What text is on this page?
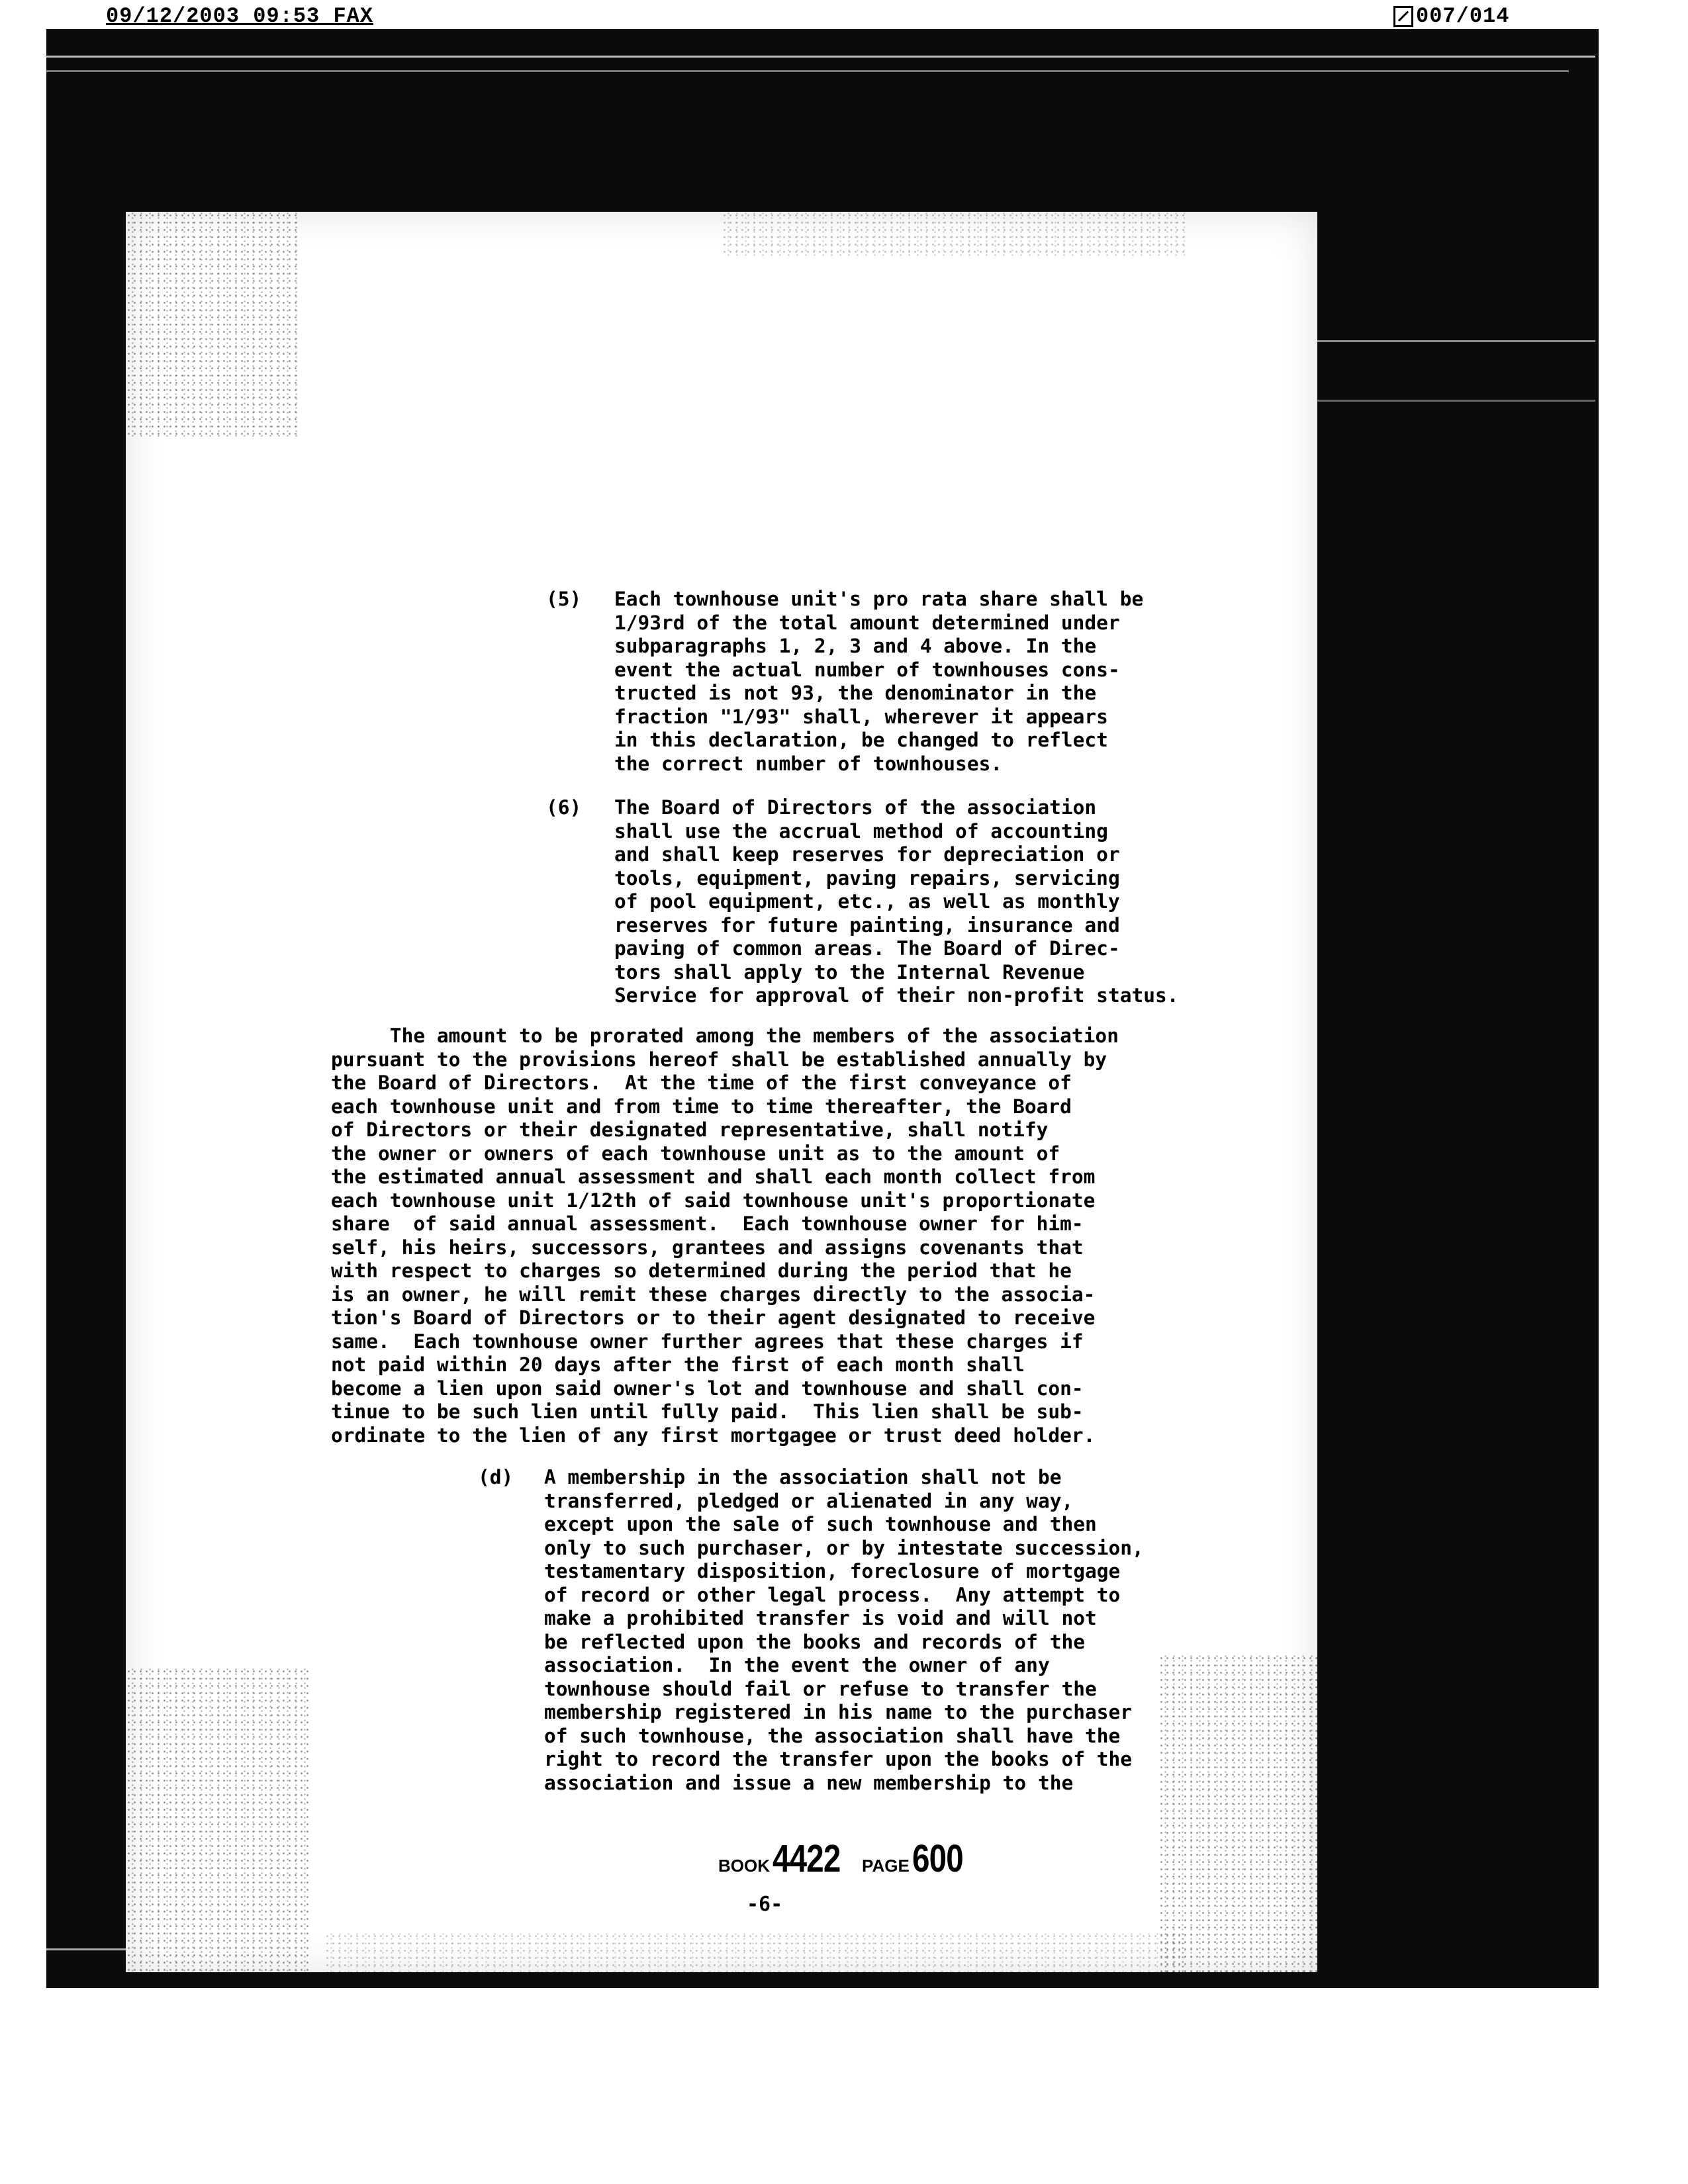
09/12/2003 09:53 FAX	007/014
(5) Each townhouse unit's pro rata share shall be
1/93rd of the total amount determined under
subparagraphs 1, 2, 3 and 4 above. In the
event the actual number of townhouses cons-
tructed is not 93, the denominator in the
fraction "1/93" shall, wherever it appears
in this declaration, be changed to reflect
the correct number of townhouses.
(6) The Board of Directors of the association
shall use the accrual method of accounting
and shall keep reserves for depreciation or
tools, equipment, paving repairs, servicing
of pool equipment, etc., as well as monthly
reserves for future painting, insurance and
paving of common areas. The Board of Direc-
tors shall apply to the Internal Revenue
Service for approval of their non-profit status.
The amount to be prorated among the members of the association
pursuant to the provisions hereof shall be established annually by
the Board of Directors.  At the time of the first conveyance of
each townhouse unit and from time to time thereafter, the Board
of Directors or their designated representative, shall notify
the owner or owners of each townhouse unit as to the amount of
the estimated annual assessment and shall each month collect from
each townhouse unit 1/12th of said townhouse unit's proportionate
share  of said annual assessment.  Each townhouse owner for him-
self, his heirs, successors, grantees and assigns covenants that
with respect to charges so determined during the period that he
is an owner, he will remit these charges directly to the associa-
tion's Board of Directors or to their agent designated to receive
same.  Each townhouse owner further agrees that these charges if
not paid within 20 days after the first of each month shall
become a lien upon said owner's lot and townhouse and shall con-
tinue to be such lien until fully paid.  This lien shall be sub-
ordinate to the lien of any first mortgagee or trust deed holder.
(d) A membership in the association shall not be
transferred, pledged or alienated in any way,
except upon the sale of such townhouse and then
only to such purchaser, or by intestate succession,
testamentary disposition, foreclosure of mortgage
of record or other legal process.  Any attempt to
make a prohibited transfer is void and will not
be reflected upon the books and records of the
association.  In the event the owner of any
townhouse should fail or refuse to transfer the
membership registered in his name to the purchaser
of such townhouse, the association shall have the
right to record the transfer upon the books of the
association and issue a new membership to the
BOOK 4422 PAGE 600
-6-
